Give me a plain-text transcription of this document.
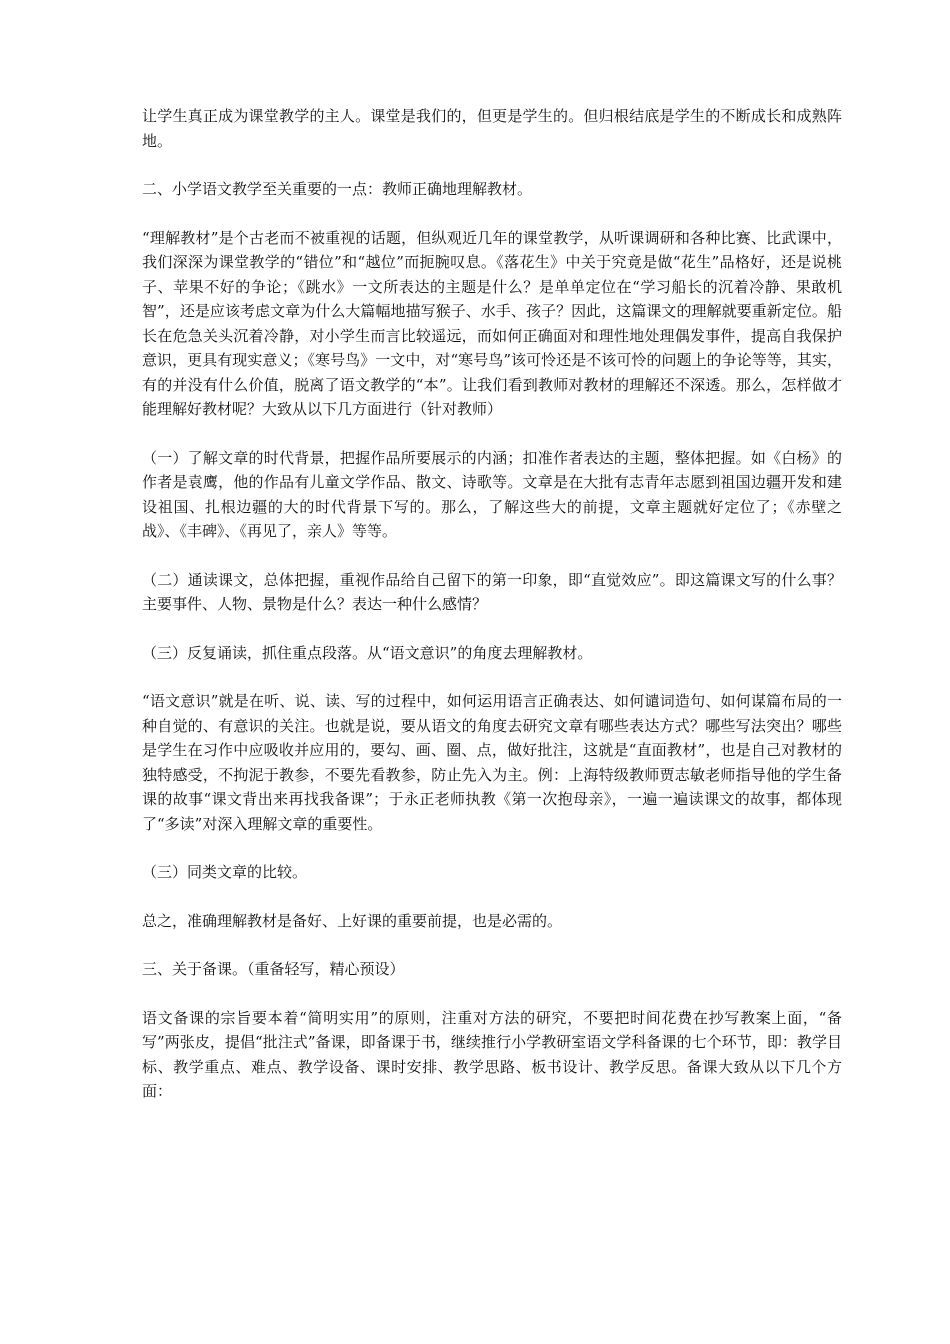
让学生真正成为课堂教学的主人。课堂是我们的，但更是学生的。但归根结底是学生的不断成长和成熟阵地。

二、小学语文教学至关重要的一点：教师正确地理解教材。

“理解教材”是个古老而不被重视的话题，但纵观近几年的课堂教学，从听课调研和各种比赛、比武课中，我们深深为课堂教学的“错位”和“越位”而扼腕叹息。《落花生》中关于究竟是做“花生”品格好，还是说桃子、苹果不好的争论；《跳水》一文所表达的主题是什么？是单单定位在“学习船长的沉着冷静、果敢机智”，还是应该考虑文章为什么大篇幅地描写猴子、水手、孩子？因此，这篇课文的理解就要重新定位。船长在危急关头沉着冷静，对小学生而言比较遥远，而如何正确面对和理性地处理偶发事件，提高自我保护意识，更具有现实意义；《寒号鸟》一文中，对“寒号鸟”该可怜还是不该可怜的问题上的争论等等，其实，有的并没有什么价值，脱离了语文教学的“本”。让我们看到教师对教材的理解还不深透。那么，怎样做才能理解好教材呢？大致从以下几方面进行（针对教师）

（一）了解文章的时代背景，把握作品所要展示的内涵；扣准作者表达的主题，整体把握。如《白杨》的作者是袁鹰，他的作品有儿童文学作品、散文、诗歌等。文章是在大批有志青年志愿到祖国边疆开发和建设祖国、扎根边疆的大的时代背景下写的。那么，了解这些大的前提，文章主题就好定位了；《赤壁之战》、《丰碑》、《再见了，亲人》等等。

（二）通读课文，总体把握，重视作品给自己留下的第一印象，即“直觉效应”。即这篇课文写的什么事？主要事件、人物、景物是什么？表达一种什么感情？

（三）反复诵读，抓住重点段落。从“语文意识”的角度去理解教材。

“语文意识”就是在听、说、读、写的过程中，如何运用语言正确表达、如何谴词造句、如何谋篇布局的一种自觉的、有意识的关注。也就是说，要从语文的角度去研究文章有哪些表达方式？哪些写法突出？哪些是学生在习作中应吸收并应用的，要勾、画、圈、点，做好批注，这就是“直面教材”，也是自己对教材的独特感受，不拘泥于教参，不要先看教参，防止先入为主。例：上海特级教师贾志敏老师指导他的学生备课的故事“课文背出来再找我备课”；于永正老师执教《第一次抱母亲》，一遍一遍读课文的故事，都体现了“多读”对深入理解文章的重要性。

（三）同类文章的比较。

总之，准确理解教材是备好、上好课的重要前提，也是必需的。

三、关于备课。（重备轻写，精心预设）

语文备课的宗旨要本着“简明实用”的原则，注重对方法的研究，不要把时间花费在抄写教案上面，“备写”两张皮，提倡“批注式”备课，即备课于书，继续推行小学教研室语文学科备课的七个环节，即：教学目标、教学重点、难点、教学设备、课时安排、教学思路、板书设计、教学反思。备课大致从以下几个方面：
